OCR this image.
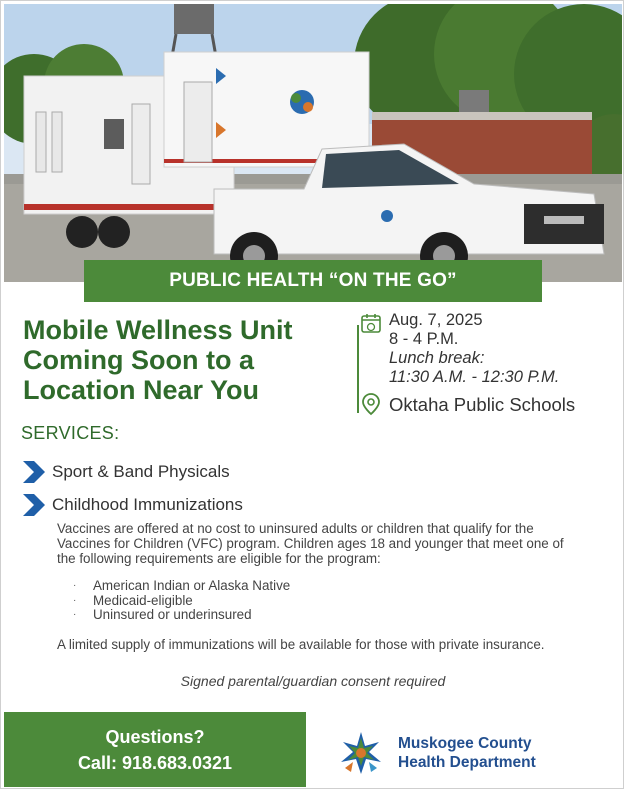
PUBLIC HEALTH “ON THE GO”
Mobile Wellness Unit
Coming Soon to a
Location Near You
Aug. 7, 2025
8 - 4 P.M.
Lunch break:
11:30 A.M. - 12:30 P.M.
Oktaha Public Schools
SERVICES:
Sport & Band Physicals
Childhood Immunizations
Vaccines are offered at no cost to uninsured adults or children that qualify for the Vaccines for Children (VFC) program. Children ages 18 and younger that meet one of the following requirements are eligible for the program:
·	American Indian or Alaska Native
·	Medicaid-eligible
·	Uninsured or underinsured
A limited supply of immunizations will be available for those with private insurance.
Signed parental/guardian consent required
Questions?
Call: 918.683.0321
Muskogee County
Health Department
